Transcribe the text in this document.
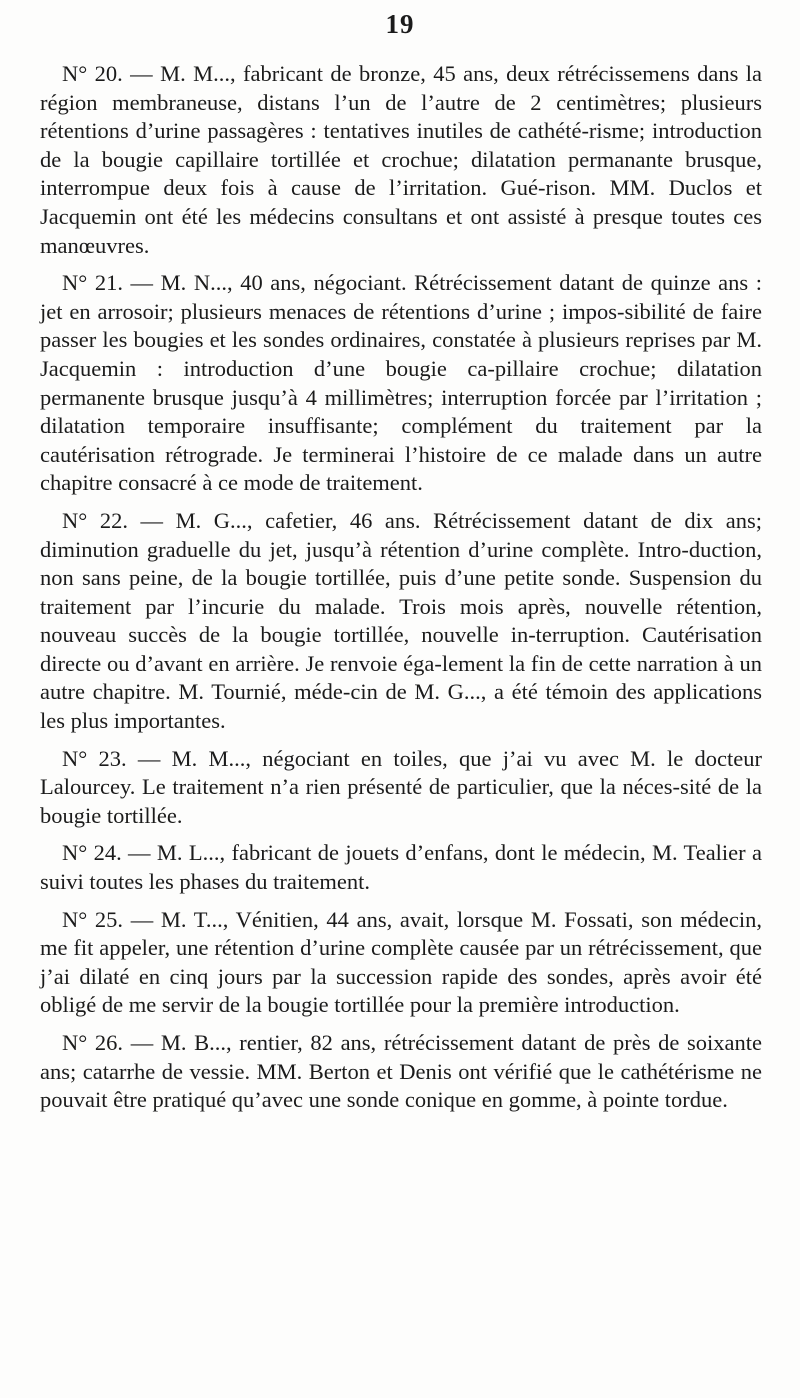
19

N° 20. — M. M..., fabricant de bronze, 45 ans, deux rétrécissemens dans la région membraneuse, distans l’un de l’autre de 2 centimètres; plusieurs rétentions d’urine passagères : tentatives inutiles de cathété-risme; introduction de la bougie capillaire tortillée et crochue; dilatation permanante brusque, interrompue deux fois à cause de l’irritation. Gué-rison. MM. Duclos et Jacquemin ont été les médecins consultans et ont assisté à presque toutes ces manœuvres.

N° 21. — M. N..., 40 ans, négociant. Rétrécissement datant de quinze ans : jet en arrosoir; plusieurs menaces de rétentions d’urine ; impos-sibilité de faire passer les bougies et les sondes ordinaires, constatée à plusieurs reprises par M. Jacquemin : introduction d’une bougie ca-pillaire crochue; dilatation permanente brusque jusqu’à 4 millimètres; interruption forcée par l’irritation ; dilatation temporaire insuffisante; complément du traitement par la cautérisation rétrograde. Je terminerai l’histoire de ce malade dans un autre chapitre consacré à ce mode de traitement.

N° 22. — M. G..., cafetier, 46 ans. Rétrécissement datant de dix ans; diminution graduelle du jet, jusqu’à rétention d’urine complète. Intro-duction, non sans peine, de la bougie tortillée, puis d’une petite sonde. Suspension du traitement par l’incurie du malade. Trois mois après, nouvelle rétention, nouveau succès de la bougie tortillée, nouvelle in-terruption. Cautérisation directe ou d’avant en arrière. Je renvoie éga-lement la fin de cette narration à un autre chapitre. M. Tournié, méde-cin de M. G..., a été témoin des applications les plus importantes.

N° 23. — M. M..., négociant en toiles, que j’ai vu avec M. le docteur Lalourcey. Le traitement n’a rien présenté de particulier, que la néces-sité de la bougie tortillée.

N° 24. — M. L..., fabricant de jouets d’enfans, dont le médecin, M. Tealier a suivi toutes les phases du traitement.

N° 25. — M. T..., Vénitien, 44 ans, avait, lorsque M. Fossati, son médecin, me fit appeler, une rétention d’urine complète causée par un rétrécissement, que j’ai dilaté en cinq jours par la succession rapide des sondes, après avoir été obligé de me servir de la bougie tortillée pour la première introduction.

N° 26. — M. B..., rentier, 82 ans, rétrécissement datant de près de soixante ans; catarrhe de vessie. MM. Berton et Denis ont vérifié que le cathétérisme ne pouvait être pratiqué qu’avec une sonde conique en gomme, à pointe tordue.
